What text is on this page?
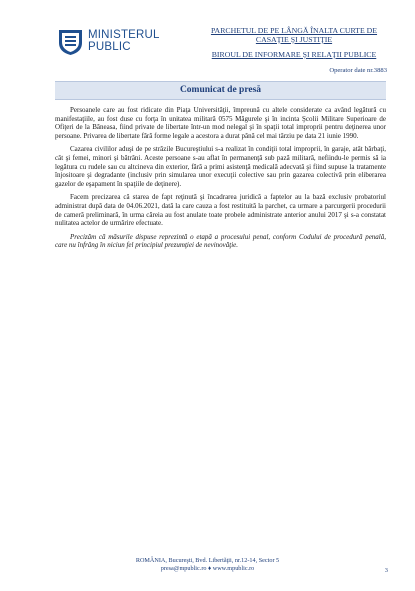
MINISTERUL
PUBLIC
PARCHETUL DE PE LÂNGĂ ÎNALTA CURTE DE
CASAŢIE ŞI JUSTIŢIE
BIROUL DE INFORMARE ŞI RELAŢII PUBLICE
Operator date nr.3883
Comunicat de presă

Persoanele care au fost ridicate din Piaţa Universităţii, împreună cu altele considerate ca având legătură cu manifestaţiile, au fost duse cu forţa în unitatea militară 0575 Măgurele şi în incinta Şcolii Militare Superioare de Ofiţeri de la Băneasa, fiind private de libertate într-un mod nelegal şi în spaţii total improprii pentru deţinerea unor persoane. Privarea de libertate fără forme legale a acestora a durat până cel mai târziu pe data 21 iunie 1990.

Cazarea civililor aduşi de pe străzile Bucureştiului s-a realizat în condiţii total improprii, în garaje, atât bărbaţi, cât şi femei, minori şi bătrâni. Aceste persoane s-au aflat în permanenţă sub pază militară, nefiindu-le permis să ia legătura cu rudele sau cu altcineva din exterior, fără a primi asistenţă medicală adecvată şi fiind supuse la tratamente înjositoare şi degradante (inclusiv prin simularea unor execuţii colective sau prin gazarea colectivă prin eliberarea gazelor de eşapament în spaţiile de deţinere).

Facem precizarea că starea de fapt reţinută şi încadrarea juridică a faptelor au la bază exclusiv probatoriul administrat după data de 04.06.2021, dată la care cauza a fost restituită la parchet, ca urmare a parcurgerii procedurii de cameră preliminară, în urma căreia au fost anulate toate probele administrate anterior anului 2017 şi s-a constatat nulitatea actelor de urmărire efectuate.

Precizăm că măsurile dispuse reprezintă o etapă a procesului penal, conform Codului de procedură penală, care nu înfrâng în niciun fel principiul prezumţiei de nevinovăţie.

ROMÂNIA, Bucureşti, Bvd. Libertăţii, nr.12-14, Sector 5
presa@mpublic.ro ♦ www.mpublic.ro	3
